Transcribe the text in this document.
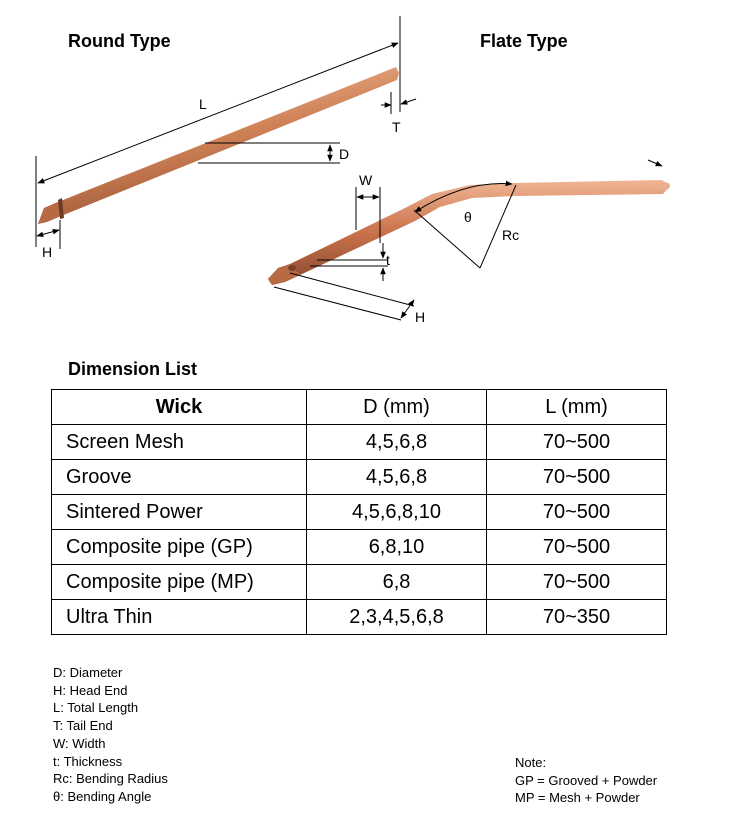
Round Type	Flate Type
Dimension List
L
T
D
H
W
θ
Rc
t
H
Wick	D (mm)	L (mm)
Screen Mesh	4,5,6,8	70~500
Groove	4,5,6,8	70~500
Sintered Power	4,5,6,8,10	70~500
Composite pipe (GP)	6,8,10	70~500
Composite pipe (MP)	6,8	70~500
Ultra Thin	2,3,4,5,6,8	70~350
D: Diameter
H: Head End
L: Total Length
T: Tail End
W: Width
t: Thickness
Rc: Bending Radius
θ: Bending Angle
Note:
GP = Grooved + Powder
MP = Mesh + Powder
